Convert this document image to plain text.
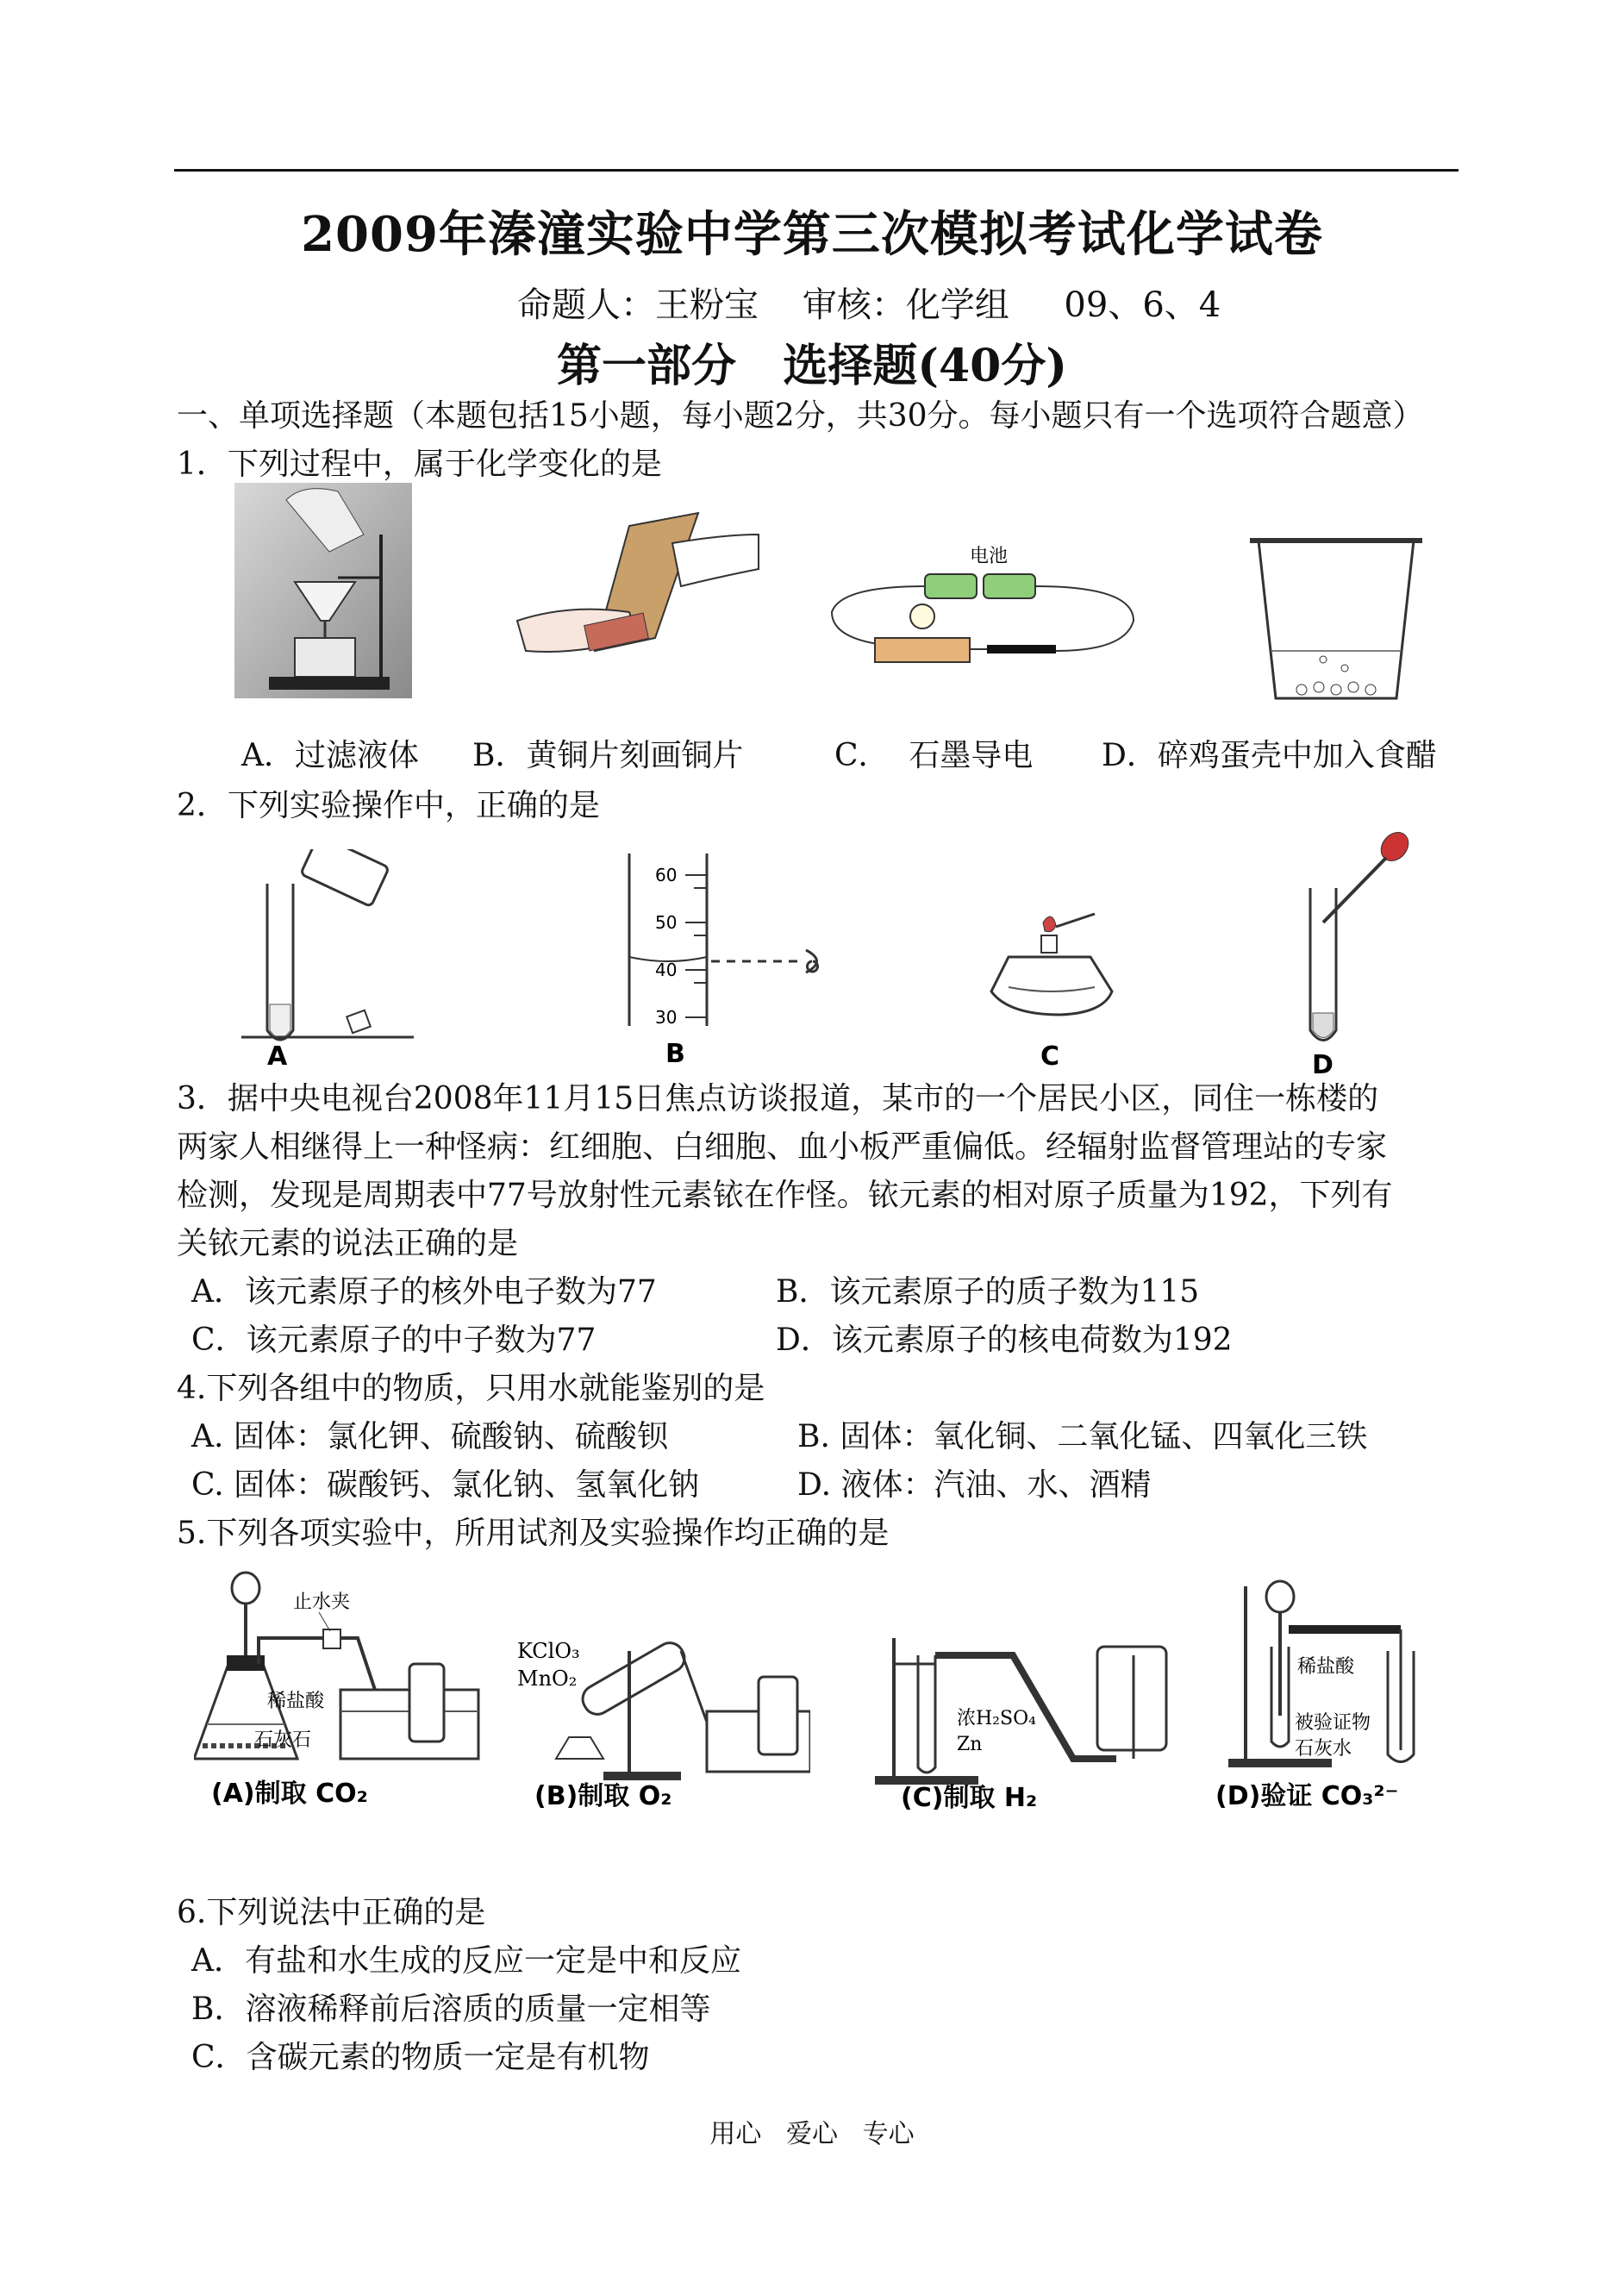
2009年溱潼实验中学第三次模拟考试化学试卷
命题人：王粉宝    审核：化学组     09、6、4
第一部分   选择题(40分)
一、单项选择题（本题包括15小题，每小题2分，共30分。每小题只有一个选项符合题意）
1．下列过程中，属于化学变化的是
电池
A．过滤液体 B．黄铜片刻画铜片	C．  石墨导电 D．碎鸡蛋壳中加入食醋
2．下列实验操作中，正确的是
A
60
50
40
30
B	C	D
3．据中央电视台2008年11月15日焦点访谈报道，某市的一个居民小区，同住一栋楼的
两家人相继得上一种怪病：红细胞、白细胞、血小板严重偏低。经辐射监督管理站的专家
检测，发现是周期表中77号放射性元素铱在作怪。铱元素的相对原子质量为192，下列有
关铱元素的说法正确的是
A．该元素原子的核外电子数为77	B．该元素原子的质子数为115
C．该元素原子的中子数为77	D．该元素原子的核电荷数为192
4.下列各组中的物质，只用水就能鉴别的是
A. 固体：氯化钾、硫酸钠、硫酸钡	B. 固体：氧化铜、二氧化锰、四氧化三铁
C. 固体：碳酸钙、氯化钠、氢氧化钠	D. 液体：汽油、水、酒精
5.下列各项实验中，所用试剂及实验操作均正确的是
止水夹
稀盐酸
石灰石
(A)制取 CO₂
KClO₃
MnO₂
(B)制取 O₂
浓H₂SO₄
Zn
(C)制取 H₂
稀盐酸
被验证物
石灰水
(D)验证 CO₃²⁻
6.下列说法中正确的是
A．有盐和水生成的反应一定是中和反应
B．溶液稀释前后溶质的质量一定相等
C．含碳元素的物质一定是有机物
用心   爱心   专心
